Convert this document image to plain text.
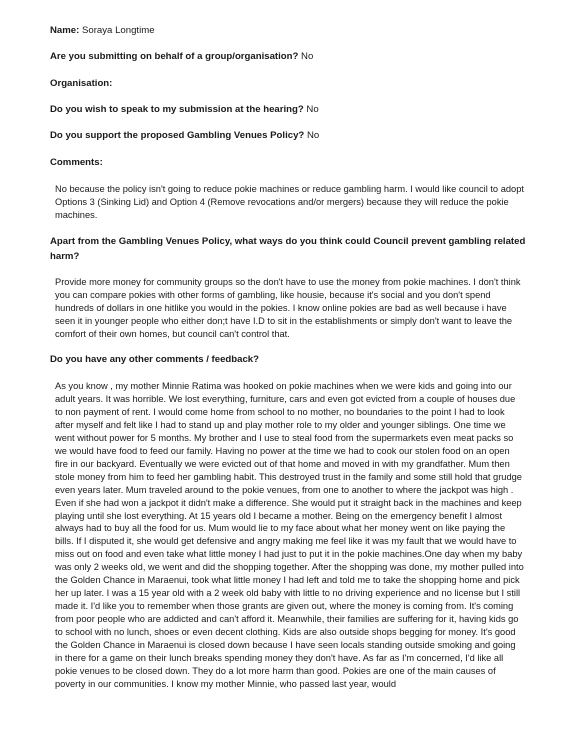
Name: Soraya Longtime
Are you submitting on behalf of a group/organisation? No
Organisation:
Do you wish to speak to my submission at the hearing? No
Do you support the proposed Gambling Venues Policy? No
Comments:
No because the policy isn't going to reduce pokie machines or reduce gambling harm. I would like council to adopt Options 3 (Sinking Lid) and Option 4 (Remove revocations and/or mergers) because they will reduce the pokie machines.
Apart from the Gambling Venues Policy, what ways do you think could Council prevent gambling related harm?
Provide more money for community groups so the don't have to use the money from pokie machines. I don't think you can compare pokies with other forms of gambling, like housie, because it's social and you don't spend hundreds of dollars in one hitlike you would in the pokies. I know online pokies are bad as well because i have seen it in younger people who either don;t have I.D to sit in the establishments or simply don't want to leave the comfort of their own homes, but council can't control that.
Do you have any other comments / feedback?
As you know , my mother Minnie Ratima was hooked on pokie machines when we were kids and going into our adult years. It was horrible. We lost everything, furniture, cars and even got evicted from a couple of houses due to non payment of rent. I would come home from school to no mother, no boundaries to the point I had to look after myself and felt like I had to stand up and play mother role to my older and younger siblings. One time we went without power for 5 months. My brother and I use to steal food from the supermarkets even meat packs so we would have food to feed our family. Having no power at the time we had to cook our stolen food on an open fire in our backyard. Eventually we were evicted out of that home and moved in with my grandfather. Mum then stole money from him to feed her gambling habit. This destroyed trust in the family and some still hold that grudge even years later. Mum traveled around to the pokie venues, from one to another to where the jackpot was high . Even if she had won a jackpot it didn't make a difference. She would put it straight back in the machines and keep playing until she lost everything. At 15 years old I became a mother. Being on the emergency benefit I almost always had to buy all the food for us. Mum would lie to my face about what her money went on like paying the bills. If I disputed it, she would get defensive and angry making me feel like it was my fault that we would have to miss out on food and even take what little money I had just to put it in the pokie machines.One day when my baby was only 2 weeks old, we went and did the shopping together. After the shopping was done, my mother pulled into the Golden Chance in Maraenui, took what little money I had left and told me to take the shopping home and pick her up later. I was a 15 year old with a 2 week old baby with little to no driving experience and no license but I still made it. I'd like you to remember when those grants are given out, where the money is coming from. It's coming from poor people who are addicted and can't afford it. Meanwhile, their families are suffering for it, having kids go to school with no lunch, shoes or even decent clothing. Kids are also outside shops begging for money. It's good the Golden Chance in Maraenui is closed down because I have seen locals standing outside smoking and going in there for a game on their lunch breaks spending money they don't have. As far as I'm concerned, I'd like all pokie venues to be closed down. They do a lot more harm than good. Pokies are one of the main causes of poverty in our communities. I know my mother Minnie, who passed last year, would
